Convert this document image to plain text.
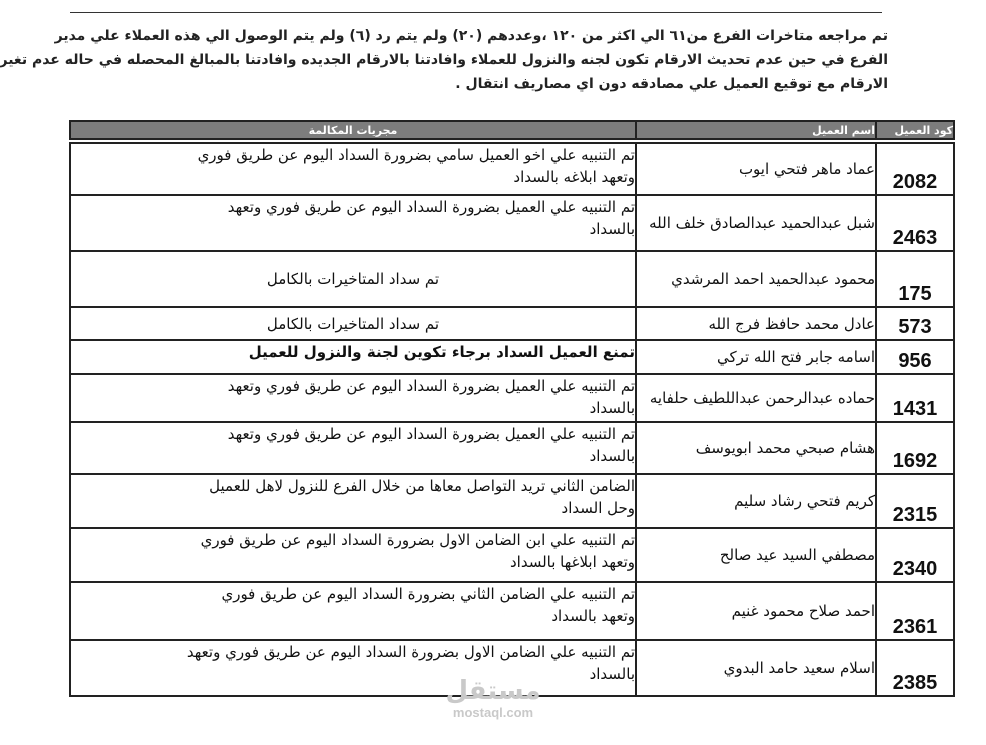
تم مراجعه متاخرات الفرع من٦١ الي اكثر من ١٢٠ ،وعددهم (٢٠) ولم يتم رد (٦) ولم يتم الوصول الي هذه العملاء علي مدير
الفرع في حين عدم تحديث الارقام تكون لجنه والنزول للعملاء وافادتنا بالارقام الجديده وافادتنا بالمبالغ المحصله في حاله عدم تغير
الارقام مع توقيع العميل علي مصادقه دون اي مصاريف انتقال .
كود العميل	اسم العميل	مجريات المكالمة

2082	عماد ماهر فتحي ايوب	تم التنبيه علي اخو العميل سامي بضرورة السداد اليوم عن طريق فوري
وتعهد ابلاغه بالسداد

2463	شبل عبدالحميد عبدالصادق خلف الله	تم التنبيه علي العميل بضرورة السداد اليوم عن طريق فوري وتعهد
بالسداد

175	محمود عبدالحميد احمد المرشدي	تم سداد المتاخيرات بالكامل

573	عادل محمد حافظ فرج الله	تم سداد المتاخيرات بالكامل

956	اسامه جابر فتح الله تركي	تمنع العميل السداد برجاء تكوين لجنة والنزول للعميل

1431	حماده عبدالرحمن عبداللطيف حلفايه	تم التنبيه علي العميل بضرورة السداد اليوم عن طريق فوري وتعهد
بالسداد

1692	هشام صبحي محمد ابويوسف	تم التنبيه علي العميل بضرورة السداد اليوم عن طريق فوري وتعهد
بالسداد

2315	كريم فتحي رشاد سليم	الضامن الثاني تريد التواصل معاها من خلال الفرع للنزول لاهل للعميل
وحل السداد

2340	مصطفي السيد عيد صالح	تم التنبيه علي ابن الضامن الاول بضرورة السداد اليوم عن طريق فوري
وتعهد ابلاغها بالسداد

2361	احمد صلاح محمود غنيم	تم التنبيه علي الضامن الثاني بضرورة السداد اليوم عن طريق فوري
وتعهد بالسداد

2385	اسلام سعيد حامد البدوي	تم التنبيه علي الضامن الاول بضرورة السداد اليوم عن طريق فوري وتعهد
بالسداد
مستقل
mostaql.com
